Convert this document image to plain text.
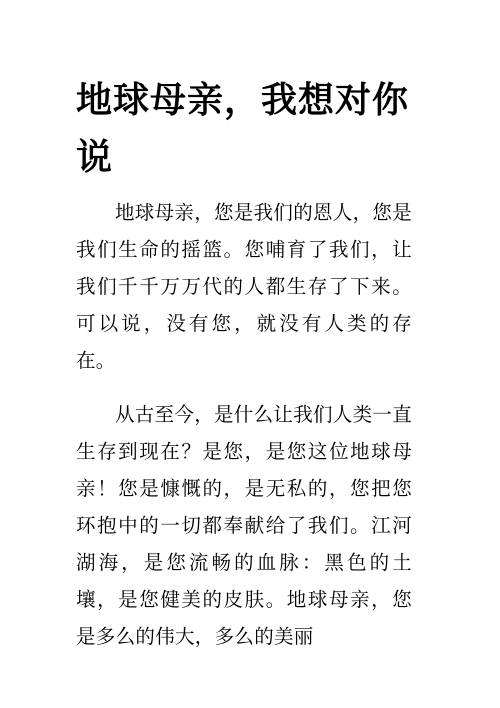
地球母亲，我想对你说

地球母亲，您是我们的恩人，您是我们生命的摇篮。您哺育了我们，让我们千千万万代的人都生存了下来。可以说，没有您，就没有人类的存在。

从古至今，是什么让我们人类一直生存到现在？是您，是您这位地球母亲！您是慷慨的，是无私的，您把您环抱中的一切都奉献给了我们。江河湖海，是您流畅的血脉：黑色的土壤，是您健美的皮肤。地球母亲，您是多么的伟大，多么的美丽
